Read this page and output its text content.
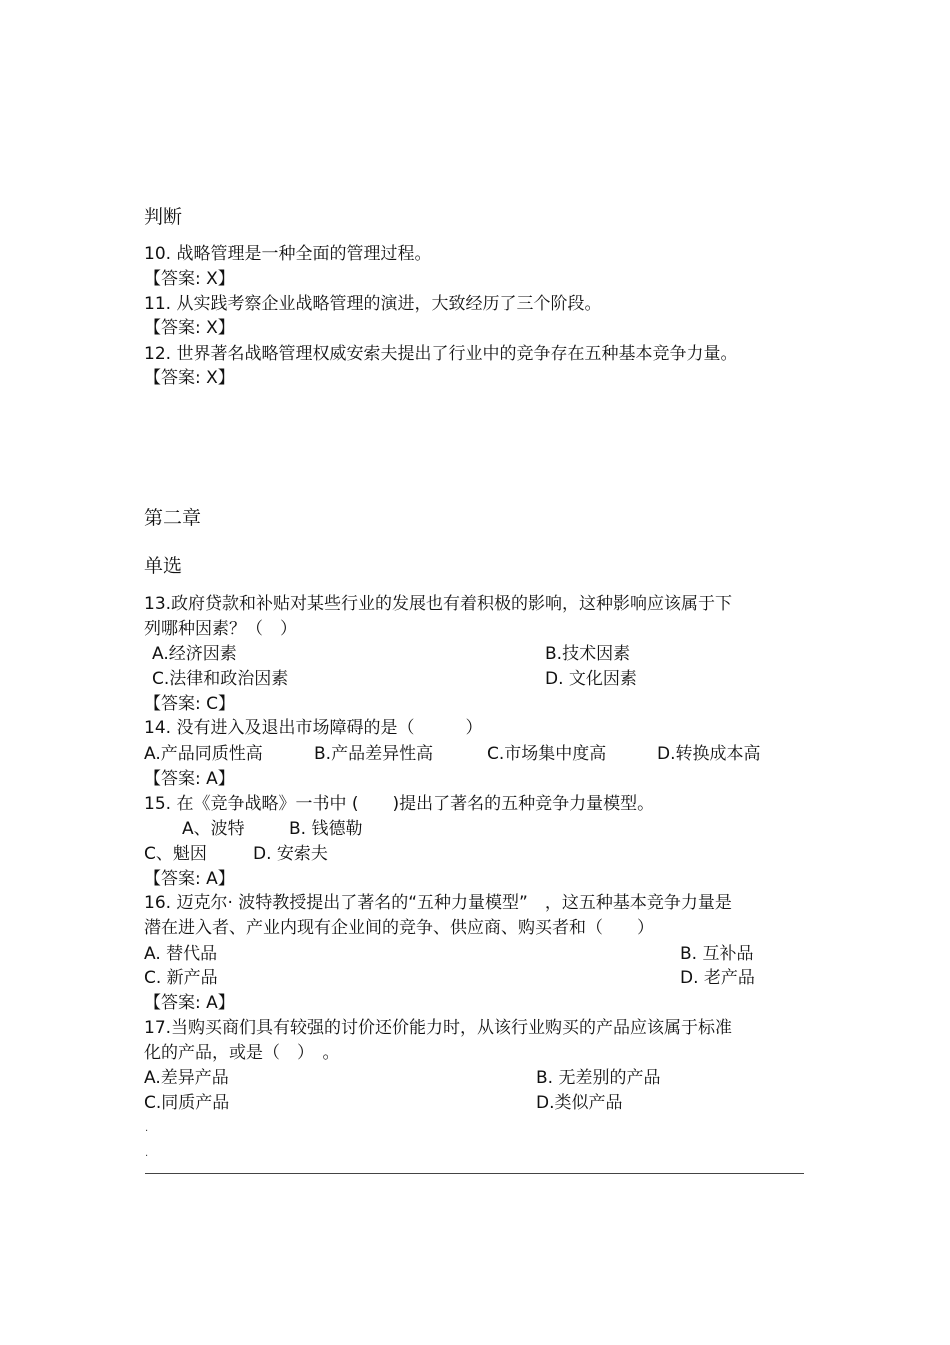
判断
10. 战略管理是一种全面的管理过程。
【答案: X】
11. 从实践考察企业战略管理的演进，大致经历了三个阶段。
【答案: X】
12. 世界著名战略管理权威安索夫提出了行业中的竞争存在五种基本竞争力量。
【答案: X】
第二章
单选
13.政府贷款和补贴对某些行业的发展也有着积极的影响，这种影响应该属于下
列哪种因素？（　）
A.经济因素	B.技术因素
C.法律和政治因素	D. 文化因素
【答案: C】
14. 没有进入及退出市场障碍的是（　　　）
A.产品同质性高	B.产品差异性高	C.市场集中度高	D.转换成本高
【答案: A】
15. 在《竞争战略》一书中 (　　)提出了著名的五种竞争力量模型。
A、波特	B. 钱德勒
C、魁因	D. 安索夫
【答案: A】
16. 迈克尔· 波特教授提出了著名的“五种力量模型”　，这五种基本竞争力量是
潜在进入者、产业内现有企业间的竞争、供应商、购买者和（　　）
A. 替代品	B. 互补品
C. 新产品	D. 老产品
【答案: A】
17.当购买商们具有较强的讨价还价能力时，从该行业购买的产品应该属于标准
化的产品，或是（　）　。
A.差异产品	B. 无差别的产品
C.同质产品	D.类似产品
.
.
